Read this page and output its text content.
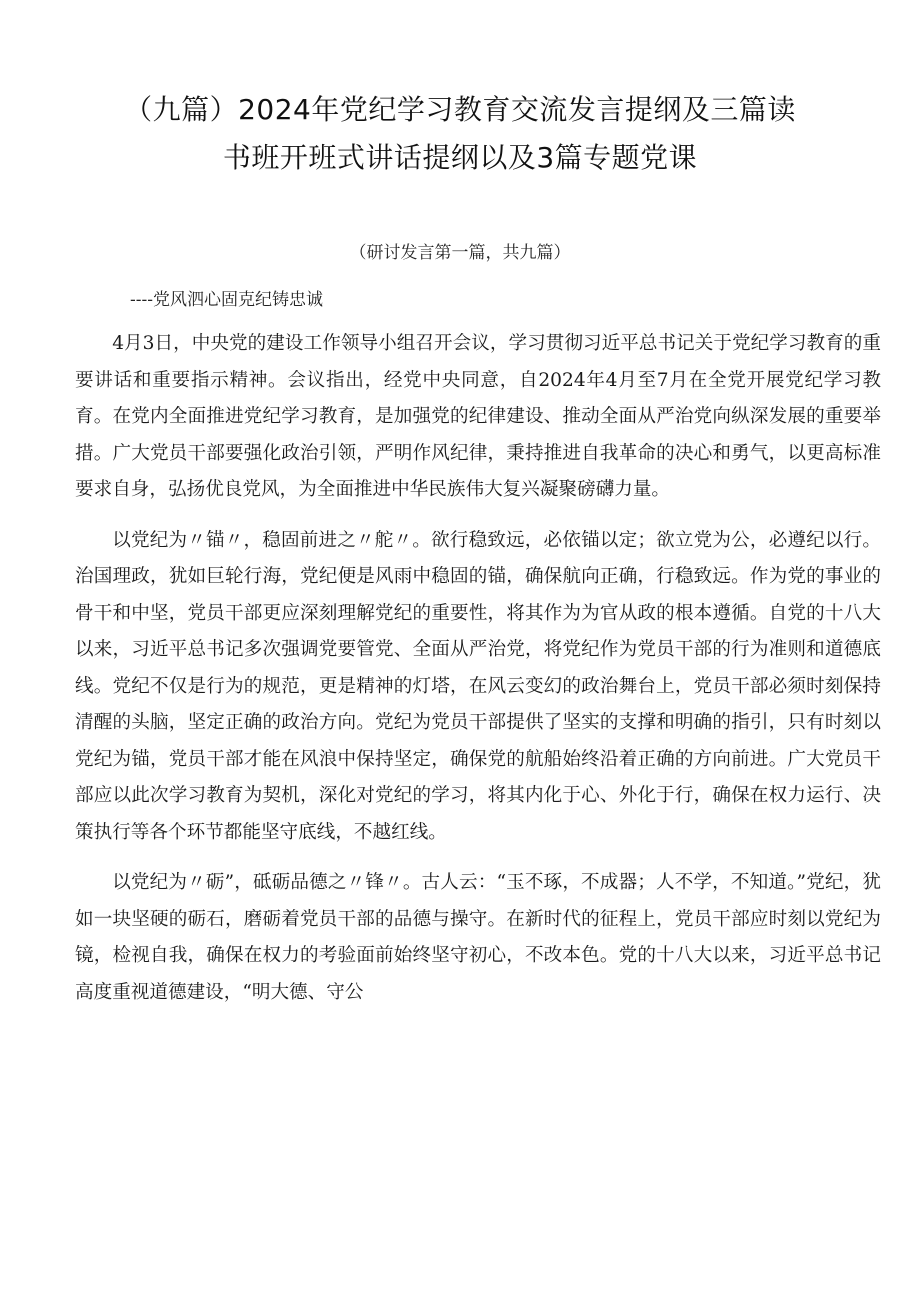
（九篇）2024年党纪学习教育交流发言提纲及三篇读
书班开班式讲话提纲以及3篇专题党课
（研讨发言第一篇，共九篇）
----党风泗心固克纪铸忠诚

4月3日，中央党的建设工作领导小组召开会议，学习贯彻习近平总书记关于党纪学习教育的重要讲话和重要指示精神。会议指出，经党中央同意，自2024年4月至7月在全党开展党纪学习教育。在党内全面推进党纪学习教育，是加强党的纪律建设、推动全面从严治党向纵深发展的重要举措。广大党员干部要强化政治引领，严明作风纪律，秉持推进自我革命的决心和勇气，以更高标准要求自身，弘扬优良党风，为全面推进中华民族伟大复兴凝聚磅礴力量。

以党纪为〃锚〃，稳固前进之〃舵〃。欲行稳致远，必依锚以定；欲立党为公，必遵纪以行。治国理政，犹如巨轮行海，党纪便是风雨中稳固的锚，确保航向正确，行稳致远。作为党的事业的骨干和中坚，党员干部更应深刻理解党纪的重要性，将其作为为官从政的根本遵循。自党的十八大以来，习近平总书记多次强调党要管党、全面从严治党，将党纪作为党员干部的行为准则和道德底线。党纪不仅是行为的规范，更是精神的灯塔，在风云变幻的政治舞台上，党员干部必须时刻保持清醒的头脑，坚定正确的政治方向。党纪为党员干部提供了坚实的支撑和明确的指引，只有时刻以党纪为锚，党员干部才能在风浪中保持坚定，确保党的航船始终沿着正确的方向前进。广大党员干部应以此次学习教育为契机，深化对党纪的学习，将其内化于心、外化于行，确保在权力运行、决策执行等各个环节都能坚守底线，不越红线。

以党纪为〃砺”，砥砺品德之〃锋〃。古人云：“玉不琢，不成器；人不学，不知道。”党纪，犹如一块坚硬的砺石，磨砺着党员干部的品德与操守。在新时代的征程上，党员干部应时刻以党纪为镜，检视自我，确保在权力的考验面前始终坚守初心，不改本色。党的十八大以来，习近平总书记高度重视道德建设，“明大德、守公
